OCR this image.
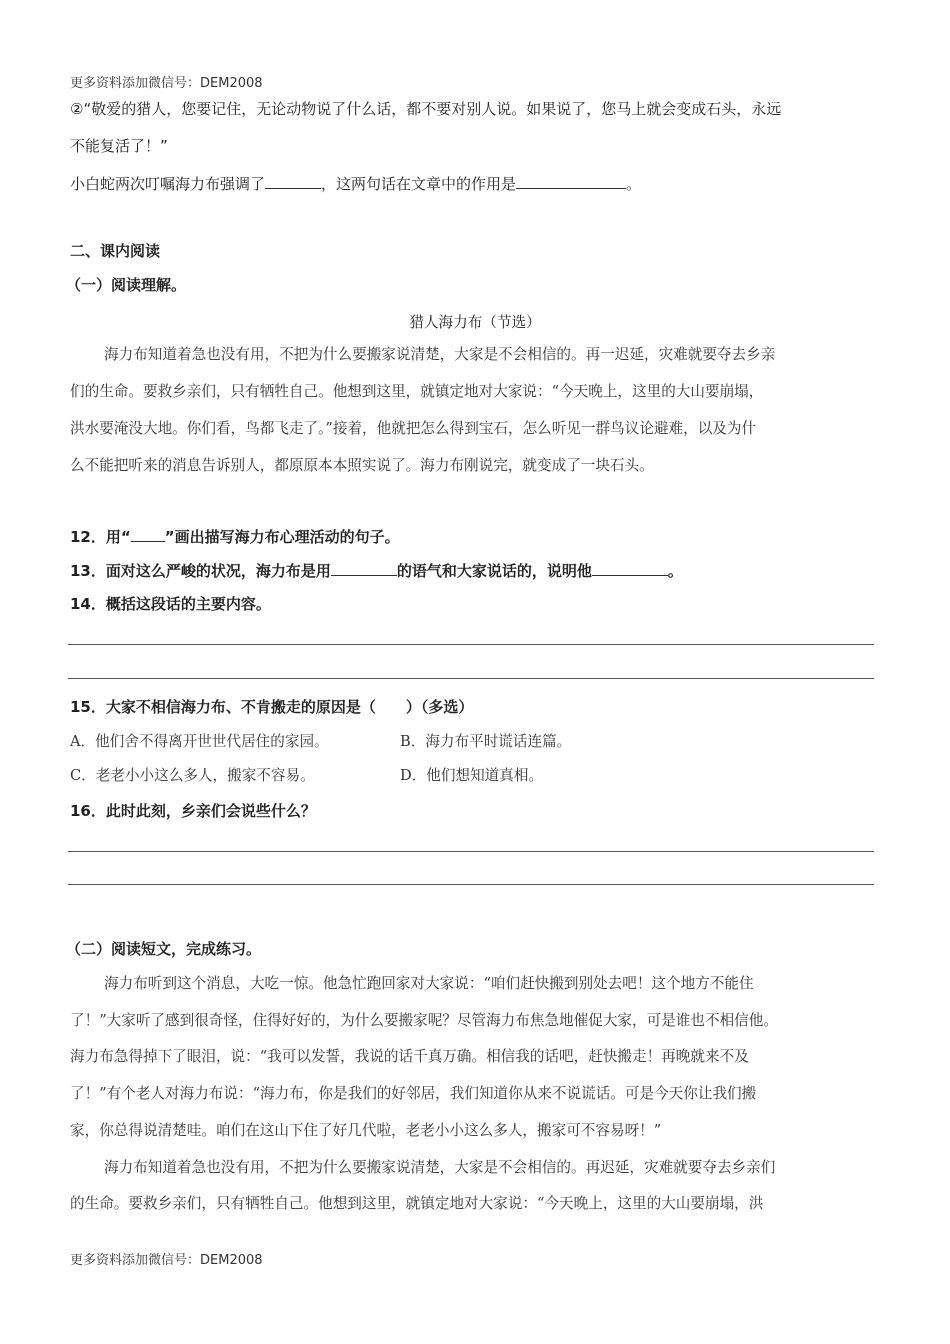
更多资料添加微信号：DEM2008
②“敬爱的猎人，您要记住，无论动物说了什么话，都不要对别人说。如果说了，您马上就会变成石头，永远
不能复活了！”
小白蛇两次叮嘱海力布强调了	，这两句话在文章中的作用是	。
二、课内阅读
（一）阅读理解。
猎人海力布（节选）
海力布知道着急也没有用，不把为什么要搬家说清楚，大家是不会相信的。再一迟延，灾难就要夺去乡亲
们的生命。要救乡亲们，只有牺牲自己。他想到这里，就镇定地对大家说：“今天晚上，这里的大山要崩塌，
洪水要淹没大地。你们看，鸟都飞走了。”接着，他就把怎么得到宝石，怎么听见一群鸟议论避难，以及为什
么不能把听来的消息告诉别人，都原原本本照实说了。海力布刚说完，就变成了一块石头。
12．用“ ”画出描写海力布心理活动的句子。
13．面对这么严峻的状况，海力布是用	的语气和大家说话的，说明他	。
14．概括这段话的主要内容。
15．大家不相信海力布、不肯搬走的原因是（　　）（多选）
A．他们舍不得离开世世代居住的家园。	B．海力布平时谎话连篇。
C．老老小小这么多人，搬家不容易。	D．他们想知道真相。
16．此时此刻，乡亲们会说些什么？
（二）阅读短文，完成练习。
海力布听到这个消息，大吃一惊。他急忙跑回家对大家说：“咱们赶快搬到别处去吧！这个地方不能住
了！”大家听了感到很奇怪，住得好好的，为什么要搬家呢？尽管海力布焦急地催促大家，可是谁也不相信他。
海力布急得掉下了眼泪，说：“我可以发誓，我说的话千真万确。相信我的话吧，赶快搬走！再晚就来不及
了！”有个老人对海力布说：“海力布，你是我们的好邻居，我们知道你从来不说谎话。可是今天你让我们搬
家，你总得说清楚哇。咱们在这山下住了好几代啦，老老小小这么多人，搬家可不容易呀！”
海力布知道着急也没有用，不把为什么要搬家说清楚，大家是不会相信的。再迟延，灾难就要夺去乡亲们
的生命。要救乡亲们，只有牺牲自己。他想到这里，就镇定地对大家说：“今天晚上，这里的大山要崩塌，洪
更多资料添加微信号：DEM2008
